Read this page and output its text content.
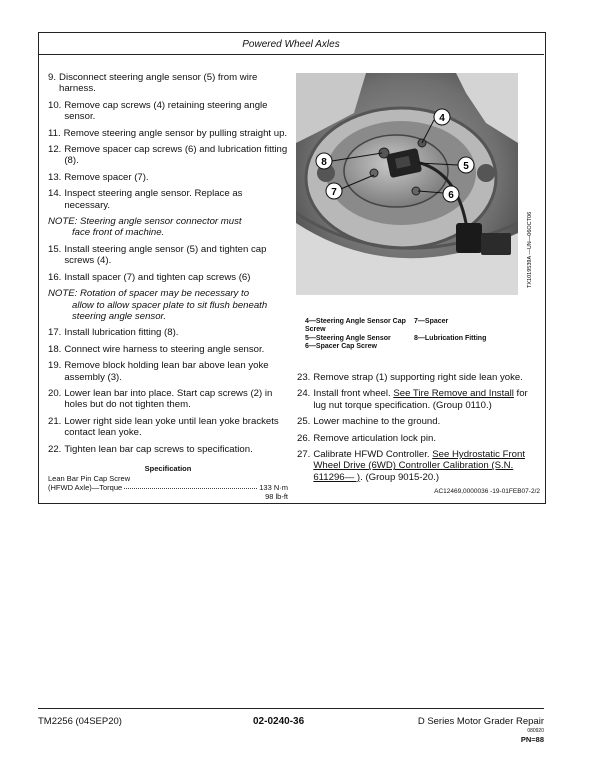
Powered Wheel Axles
9. Disconnect steering angle sensor (5) from wire harness.
10. Remove cap screws (4) retaining steering angle sensor.
11. Remove steering angle sensor by pulling straight up.
12. Remove spacer cap screws (6) and lubrication fitting (8).
13. Remove spacer (7).
14. Inspect steering angle sensor. Replace as necessary.
NOTE: Steering angle sensor connector must
face front of machine.
15. Install steering angle sensor (5) and tighten cap screws (4).
16. Install spacer (7) and tighten cap screws (6)
NOTE: Rotation of spacer may be necessary to
allow to allow spacer plate to sit flush beneath steering angle sensor.
17. Install lubrication fitting (8).
18. Connect wire harness to steering angle sensor.
19. Remove block holding lean bar above lean yoke assembly (3).
20. Lower lean bar into place. Start cap screws (2) in holes but do not tighten them.
21. Lower right side lean yoke until lean yoke brackets contact lean yoke.
22. Tighten lean bar cap screws to specification.
Specification
Lean Bar Pin Cap Screw
(HFWD Axle)—Torque	133 N·m
98 lb-ft
4
8	5
7	6
TX1019539A —UN—06OCT06
4—Steering Angle Sensor Cap Screw
7—Spacer
5—Steering Angle Sensor	8—Lubrication Fitting
6—Spacer Cap Screw
23. Remove strap (1) supporting right side lean yoke.
24. Install front wheel. See Tire Remove and Install for lug nut torque specification. (Group 0110.)
25. Lower machine to the ground.
26. Remove articulation lock pin.
27. Calibrate HFWD Controller. See Hydrostatic Front Wheel Drive (6WD) Controller Calibration (S.N. 611296— ). (Group 9015-20.)
AC12469,0000036 -19-01FEB07-2/2
TM2256 (04SEP20)	02-0240-36	D Series Motor Grader Repair
080920
PN=88
